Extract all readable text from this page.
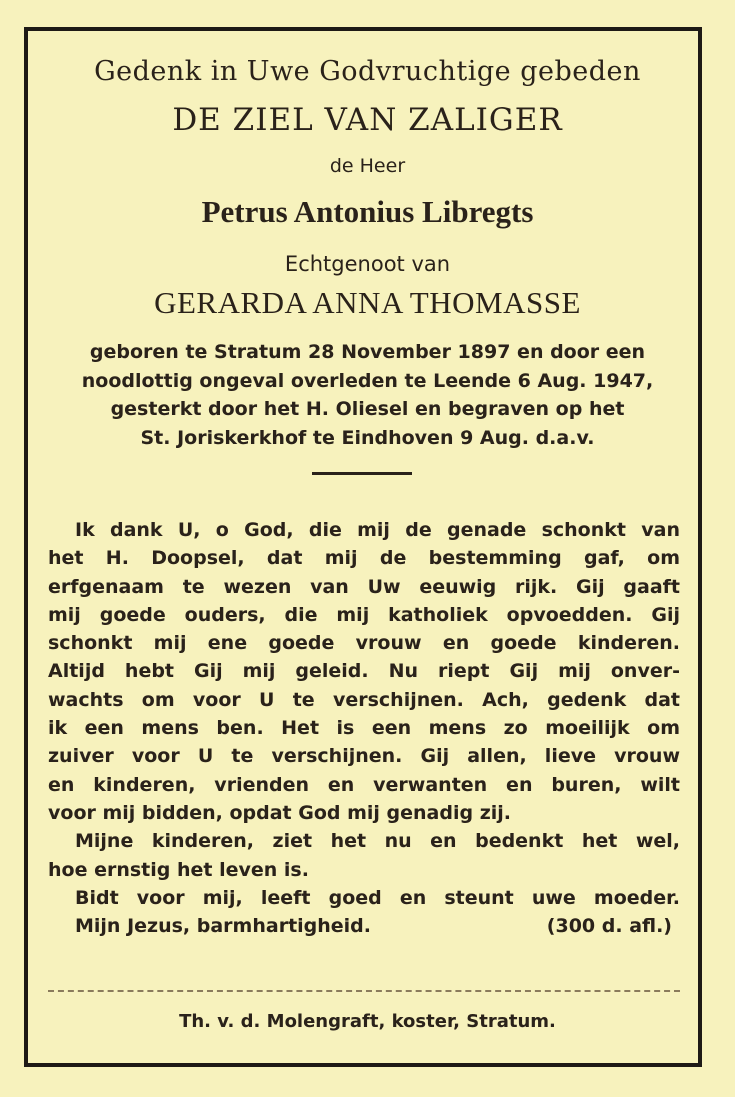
Gedenk in Uwe Godvruchtige gebeden
DE ZIEL VAN ZALIGER
de Heer
Petrus Antonius Libregts
Echtgenoot van
GERARDA ANNA THOMASSE
geboren te Stratum 28 November 1897 en door een
noodlottig ongeval overleden te Leende 6 Aug. 1947,
gesterkt door het H. Oliesel en begraven op het
St. Joriskerkhof te Eindhoven 9 Aug. d.a.v.
Ik dank U, o God, die mij de genade schonkt van
het H. Doopsel, dat mij de bestemming gaf, om
erfgenaam te wezen van Uw eeuwig rijk. Gij gaaft
mij goede ouders, die mij katholiek opvoedden. Gij
schonkt mij ene goede vrouw en goede kinderen.
Altijd hebt Gij mij geleid. Nu riept Gij mij onver-
wachts om voor U te verschijnen. Ach, gedenk dat
ik een mens ben. Het is een mens zo moeilijk om
zuiver voor U te verschijnen. Gij allen, lieve vrouw
en kinderen, vrienden en verwanten en buren, wilt
voor mij bidden, opdat God mij genadig zij.
Mijne kinderen, ziet het nu en bedenkt het wel,
hoe ernstig het leven is.
Bidt voor mij, leeft goed en steunt uwe moeder.
Mijn Jezus, barmhartigheid.	(300 d. afl.)
Th. v. d. Molengraft, koster, Stratum.
